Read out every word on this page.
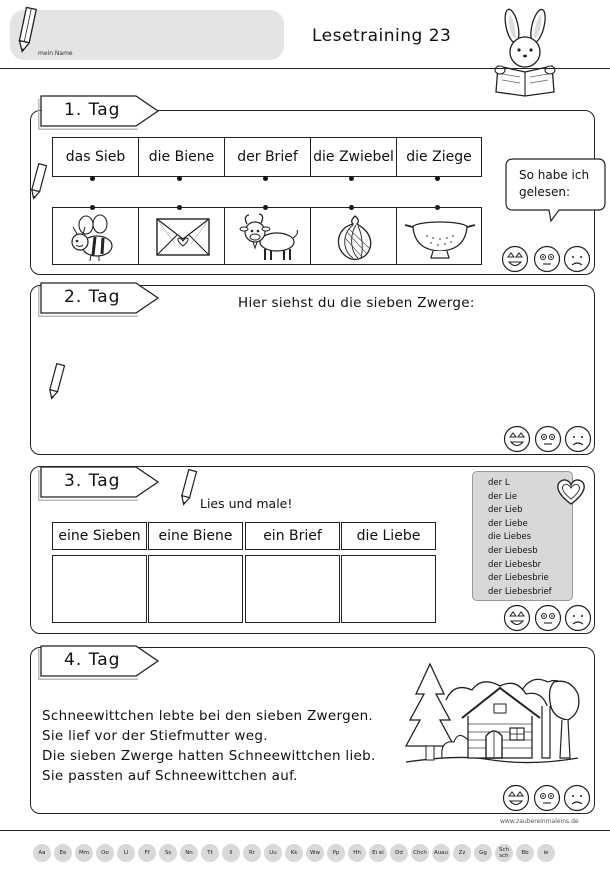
mein Name
Lesetraining 23
1. Tag
das Sieb	die Biene	der Brief	die Zwiebel die Ziege
So habe ich
gelesen:
2. Tag	Hier siehst du die sieben Zwerge:
3. Tag
Lies und male!
eine Sieben	eine Biene	ein Brief	die Liebe
der L
der Lie
der Lieb
der Liebe
die Liebes
der Liebesb
der Liebesbr
der Liebesbrie
der Liebesbrief
4. Tag
Schneewittchen lebte bei den sieben Zwergen.
Sie lief vor der Stiefmutter weg.
Die sieben Zwerge hatten Schneewittchen lieb.
Sie passten auf Schneewittchen auf.
www.zaubereinmaleins.de
Aa	Ee	Mm	Oo	Ll	Ff	Ss	Nn	Tt	Ii	Rr	Uu	Kk	Ww	Pp	Hh	Ei ei	Dd	Chch	Auau	Zz	Gg	Sch sch	Bb	ie
